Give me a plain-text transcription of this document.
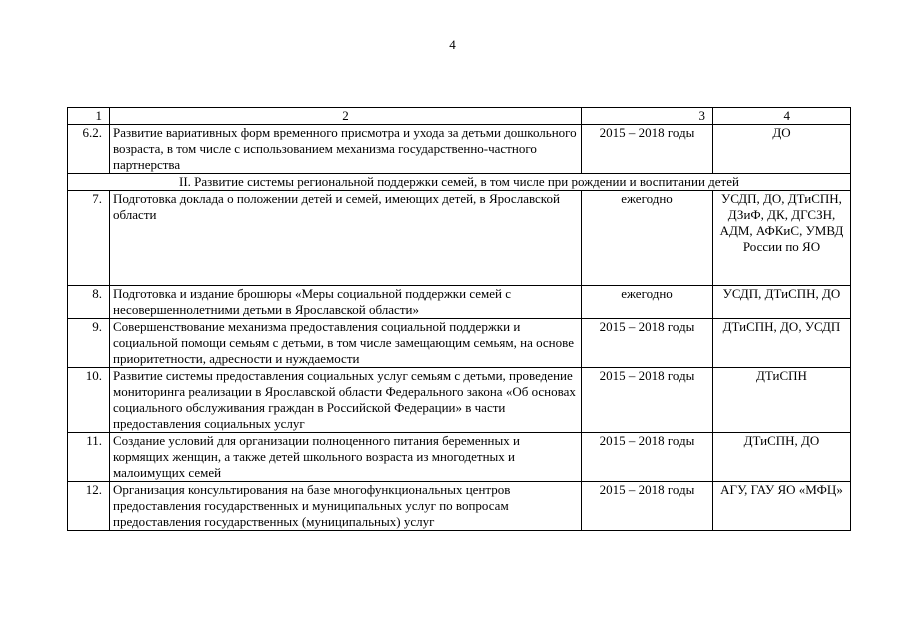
4
1	2	3	4
6.2.	Развитие вариативных форм временного присмотра и ухода за детьми дошкольного возраста, в том числе с использованием механизма государственно-частного партнерства	2015 – 2018 годы	ДО
II. Развитие системы региональной поддержки семей, в том числе при рождении и воспитании детей			
7.	Подготовка доклада о положении детей и семей, имеющих детей, в Ярославской области	ежегодно	УСДП, ДО, ДТиСПН, ДЗиФ, ДК, ДГСЗН, АДМ, АФКиС, УМВД России по ЯО
8.	Подготовка и издание брошюры «Меры социальной поддержки семей с несовершеннолетними детьми в Ярославской области»	ежегодно	УСДП, ДТиСПН, ДО
9.	Совершенствование механизма предоставления социальной поддержки и социальной помощи семьям с детьми, в том числе замещающим семьям, на основе приоритетности, адресности и нуждаемости	2015 – 2018 годы	ДТиСПН, ДО, УСДП
10.	Развитие системы предоставления социальных услуг семьям с детьми, проведение мониторинга реализации в Ярославской области Федерального закона «Об основах социального обслуживания граждан в Российской Федерации» в части предоставления социальных услуг	2015 – 2018 годы	ДТиСПН
11.	Создание условий для организации полноценного питания беременных и кормящих женщин, а также детей школьного возраста из многодетных и малоимущих семей	2015 – 2018 годы	ДТиСПН, ДО
12.	Организация консультирования на базе многофункциональных центров предоставления государственных и муниципальных услуг по вопросам предоставления государственных (муниципальных) услуг	2015 – 2018 годы	АГУ, ГАУ ЯО «МФЦ»
